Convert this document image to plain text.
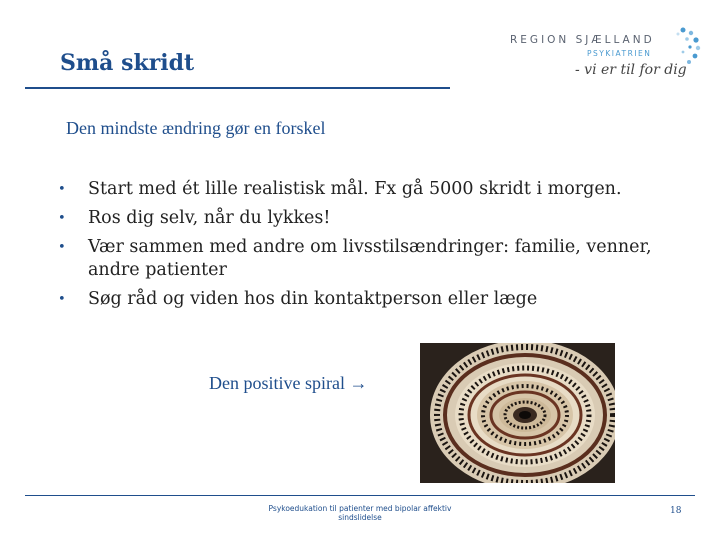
Små skridt
REGION SJÆLLAND
PSYKIATRIEN
- vi er til for dig
Den mindste ændring gør en forskel
• Start med ét lille realistisk mål. Fx gå 5000 skridt i morgen.
• Ros dig selv, når du lykkes!
• Vær sammen med andre om livsstilsændringer: familie, venner, andre patienter
• Søg råd og viden hos din kontaktperson eller læge
Den positive spiral →
Psykoedukation til patienter med bipolar affektiv sindslidelse
18
